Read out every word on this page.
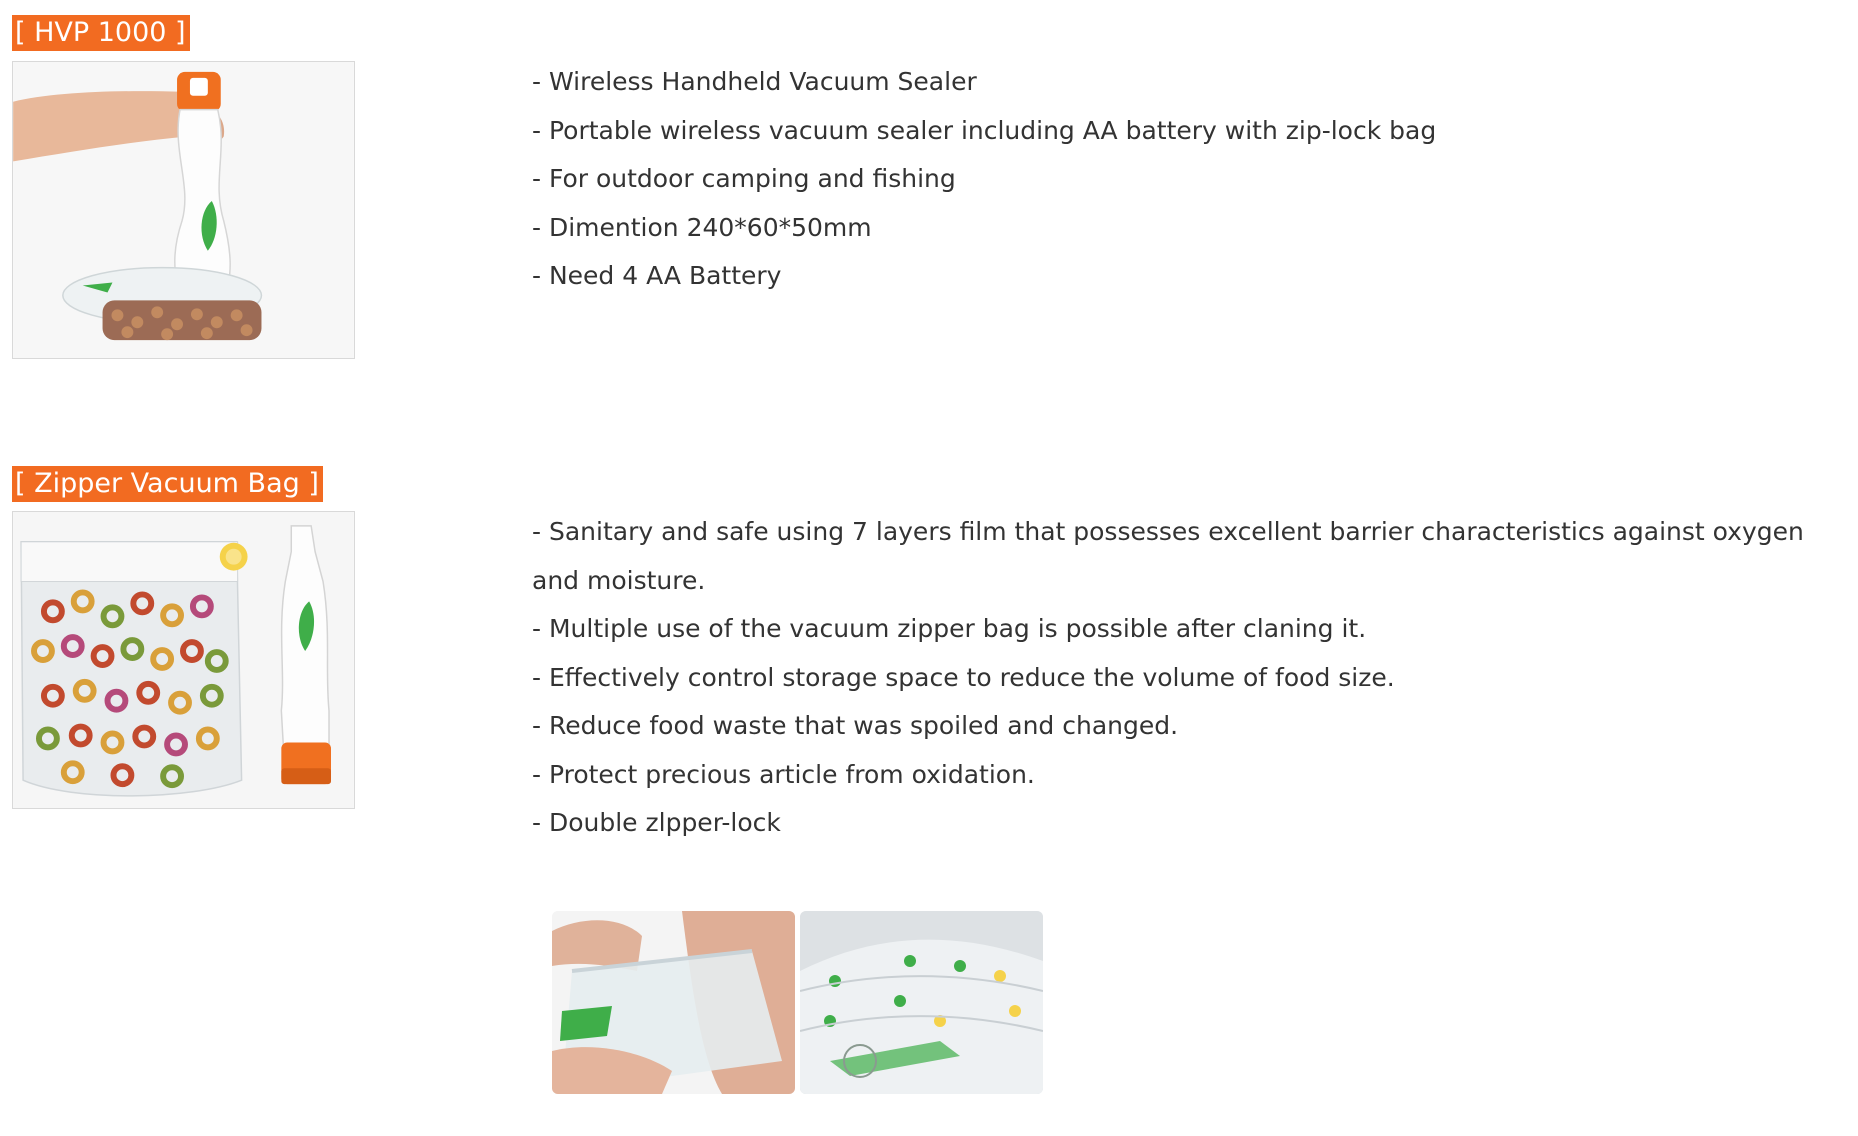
[ HVP 1000 ]

- Wireless Handheld Vacuum Sealer

- Portable wireless vacuum sealer including AA battery with zip-lock bag

- For outdoor camping and fishing

- Dimention 240*60*50mm

- Need 4 AA Battery

[ Zipper Vacuum Bag ]

- Sanitary and safe using 7 layers film that possesses excellent barrier characteristics against oxygen and moisture.

- Multiple use of the vacuum zipper bag is possible after claning it.

- Effectively control storage space to reduce the volume of food size.

- Reduce food waste that was spoiled and changed.

- Protect precious article from oxidation.

- Double zlpper-lock
